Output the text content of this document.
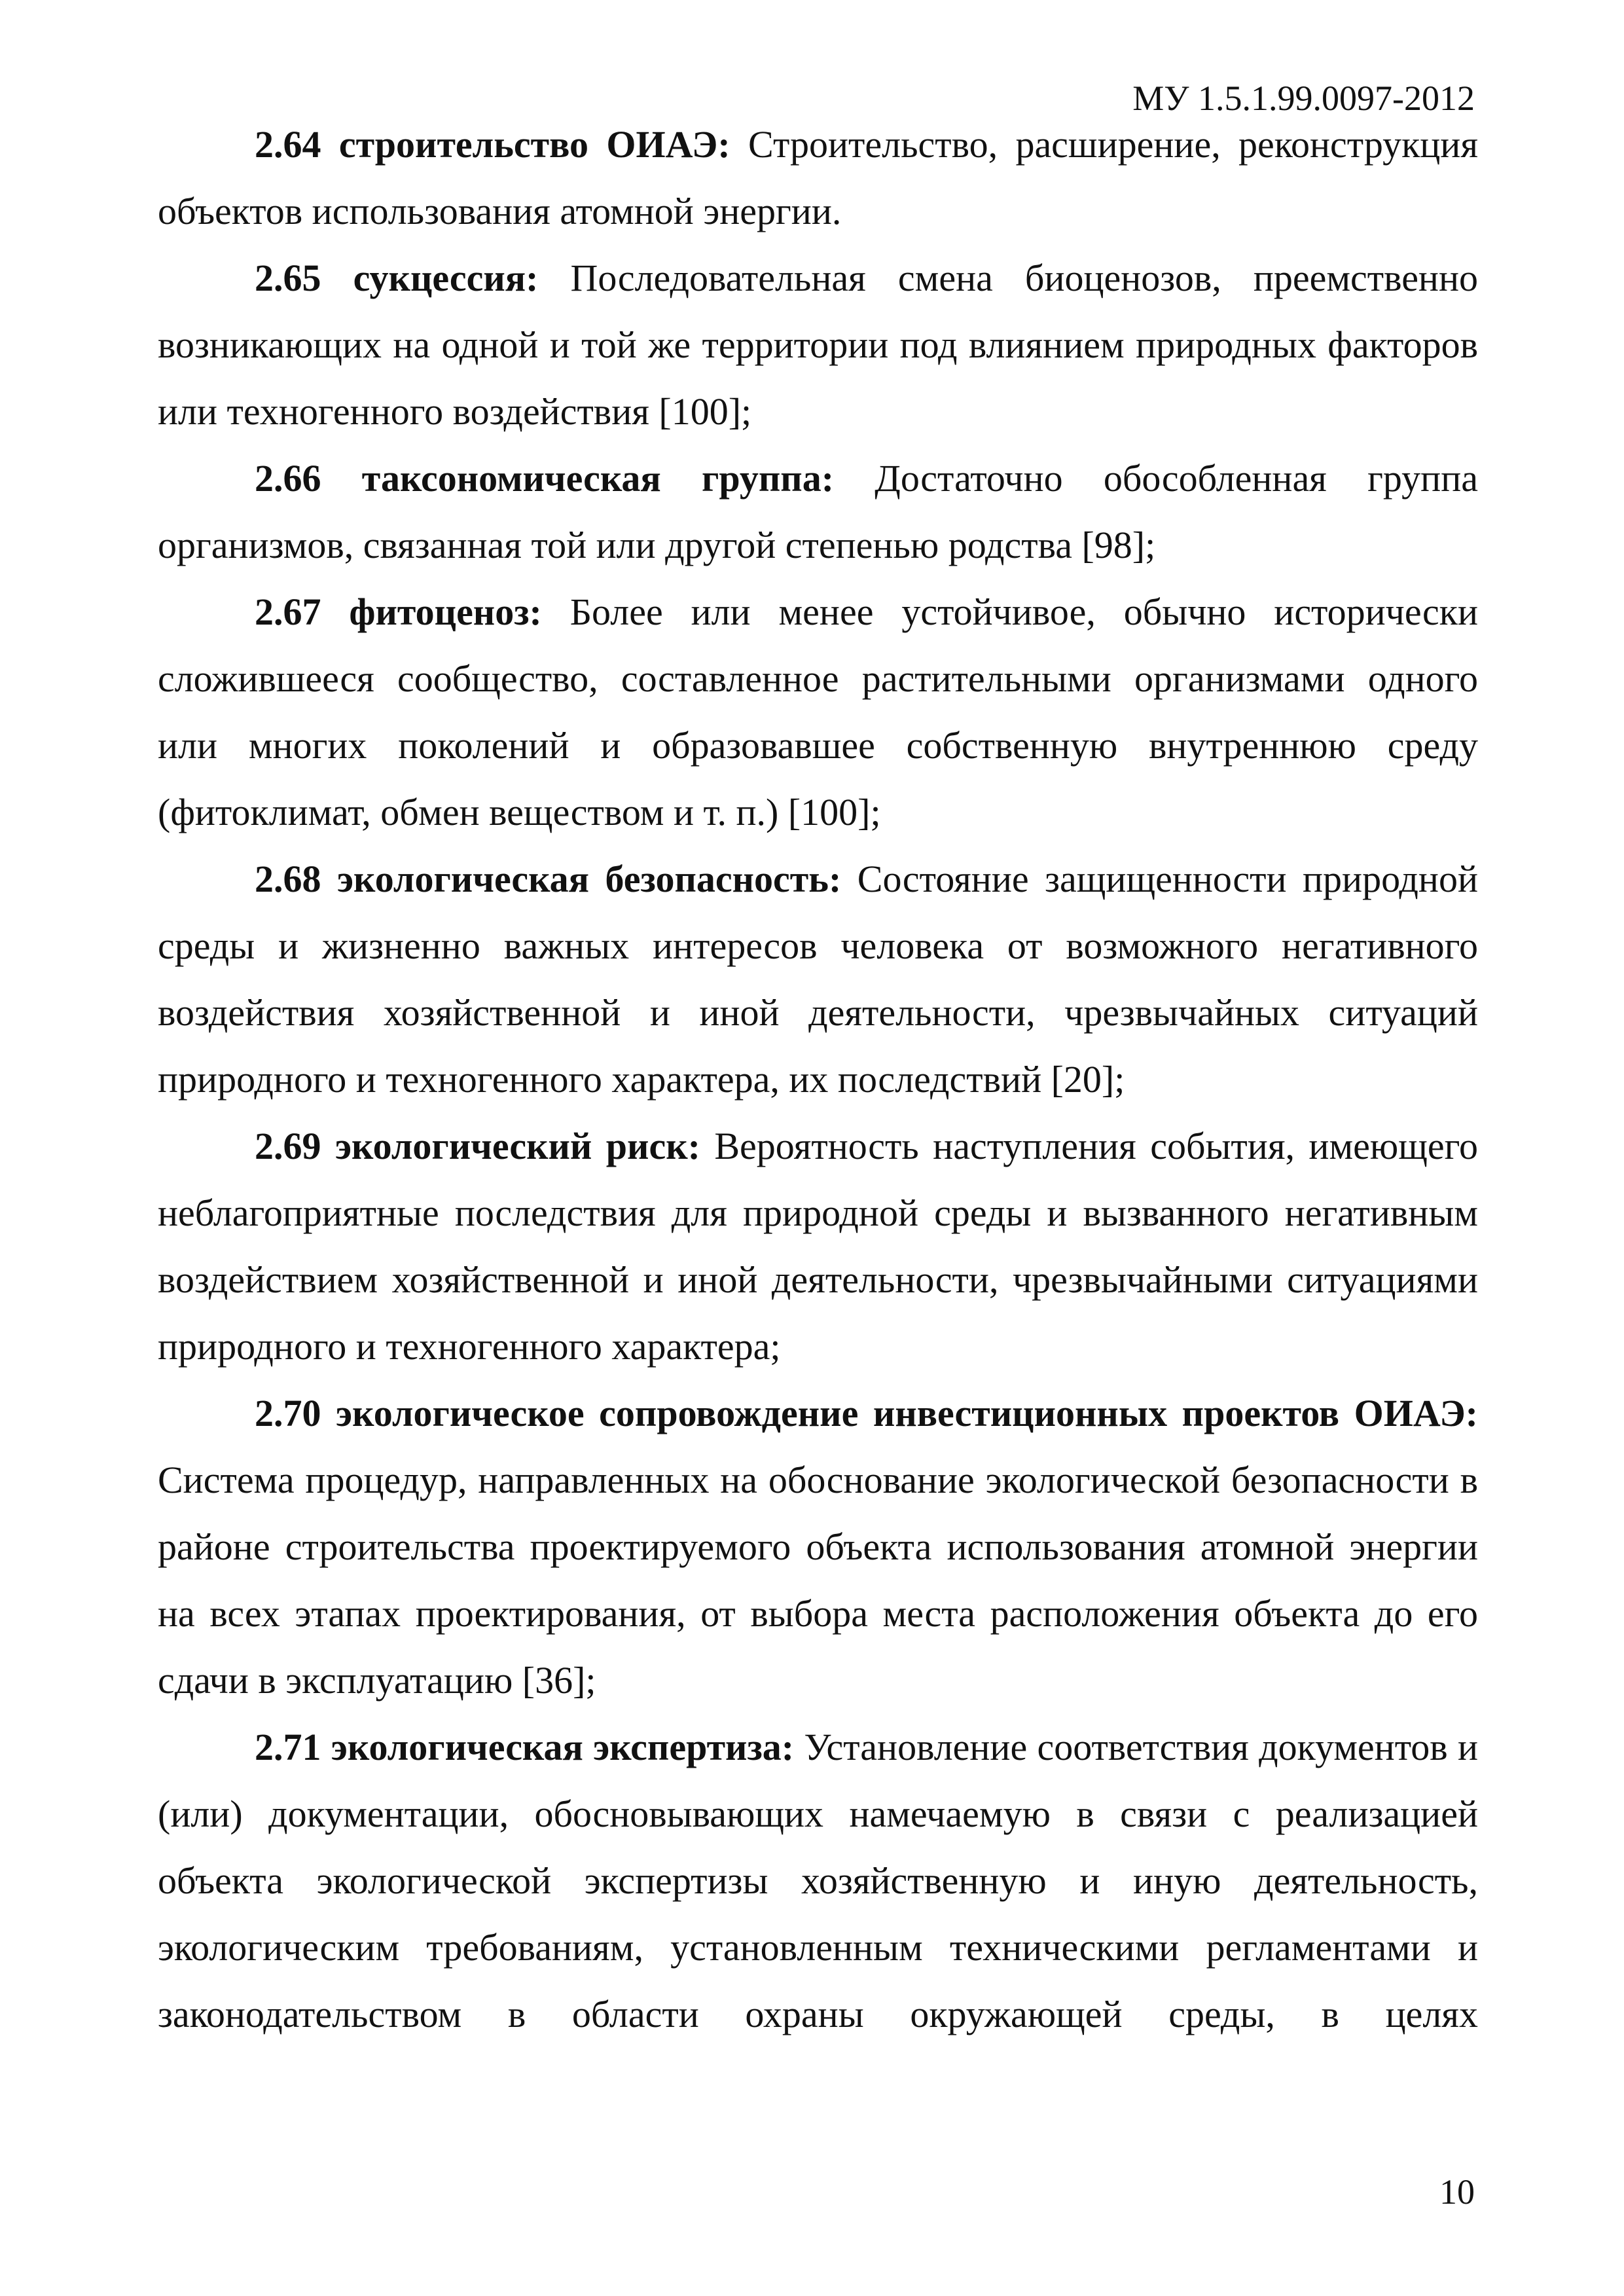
МУ 1.5.1.99.0097-2012

2.64 строительство ОИАЭ: Строительство, расширение, реконструкция объектов использования атомной энергии.

2.65 сукцессия: Последовательная смена биоценозов, преемственно возникающих на одной и той же территории под влиянием природных факторов или техногенного воздействия [100];

2.66 таксономическая группа: Достаточно обособленная группа организмов, связанная той или другой степенью родства [98];

2.67 фитоценоз: Более или менее устойчивое, обычно исторически сложившееся сообщество, составленное растительными организмами одного или многих поколений и образовавшее собственную внутреннюю среду (фитоклимат, обмен веществом и т. п.) [100];

2.68 экологическая безопасность: Состояние защищенности природной среды и жизненно важных интересов человека от возможного негативного воздействия хозяйственной и иной деятельности, чрезвычайных ситуаций природного и техногенного характера, их последствий [20];

2.69 экологический риск: Вероятность наступления события, имеющего неблагоприятные последствия для природной среды и вызванного негативным воздействием хозяйственной и иной деятельности, чрезвычайными ситуациями природного и техногенного характера;

2.70 экологическое сопровождение инвестиционных проектов ОИАЭ: Система процедур, направленных на обоснование экологической безопасности в районе строительства проектируемого объекта использования атомной энергии на всех этапах проектирования, от выбора места расположения объекта до его сдачи в эксплуатацию [36];

2.71 экологическая экспертиза: Установление соответствия документов и (или) документации, обосновывающих намечаемую в связи с реализацией объекта экологической экспертизы хозяйственную и иную деятельность, экологическим требованиям, установленным техническими регламентами и законодательством в области охраны окружающей среды, в целях

10
